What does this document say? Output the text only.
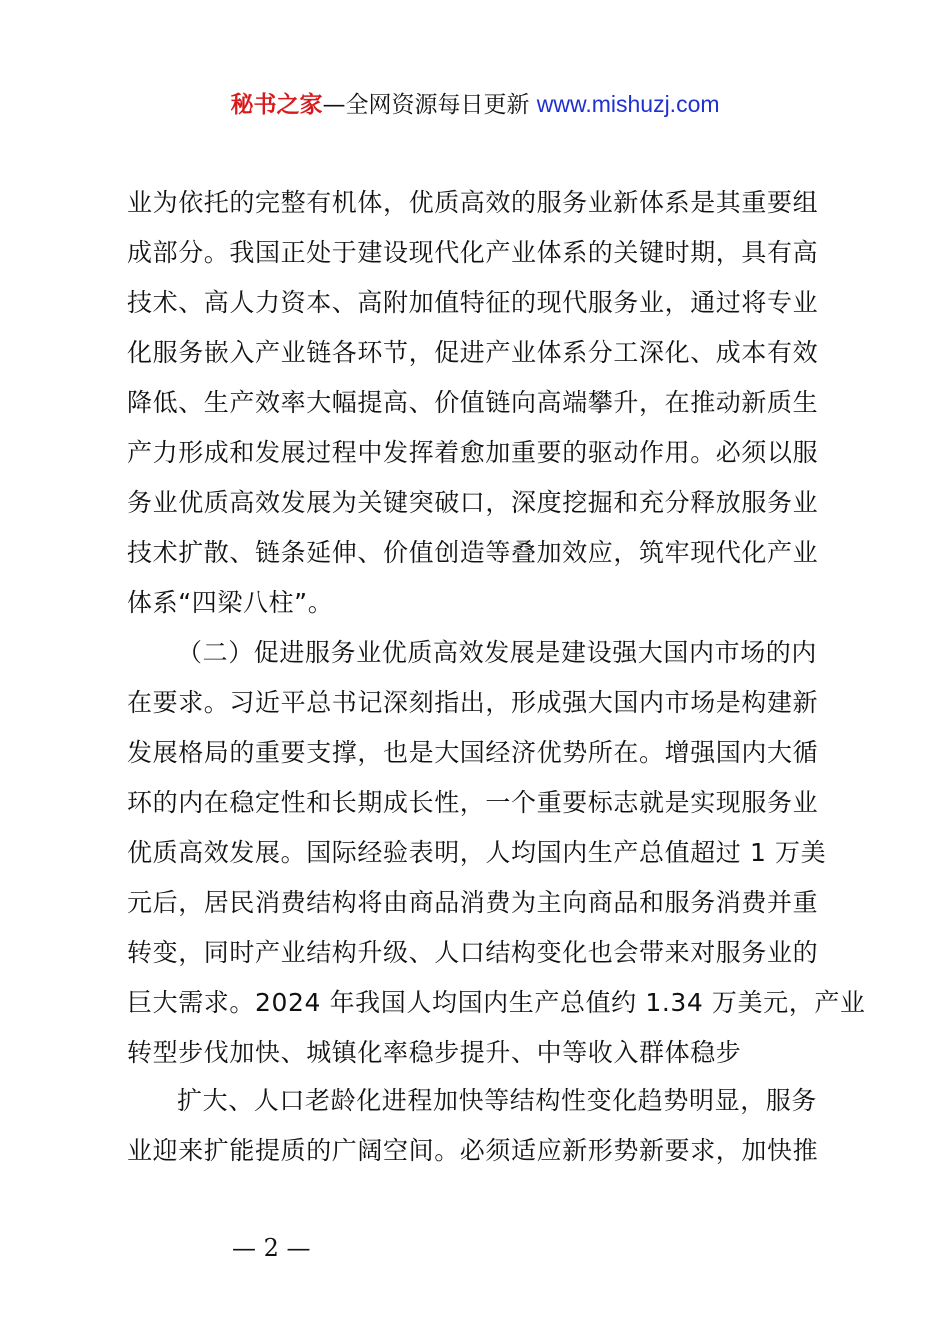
秘书之家—全网资源每日更新 www.mishuzj.com
业为依托的完整有机体，优质高效的服务业新体系是其重要组
成部分。我国正处于建设现代化产业体系的关键时期，具有高
技术、高人力资本、高附加值特征的现代服务业，通过将专业
化服务嵌入产业链各环节，促进产业体系分工深化、成本有效
降低、生产效率大幅提高、价值链向高端攀升，在推动新质生
产力形成和发展过程中发挥着愈加重要的驱动作用。必须以服
务业优质高效发展为关键突破口，深度挖掘和充分释放服务业
技术扩散、链条延伸、价值创造等叠加效应，筑牢现代化产业
体系“四梁八柱”。
（二）促进服务业优质高效发展是建设强大国内市场的内
在要求。习近平总书记深刻指出，形成强大国内市场是构建新
发展格局的重要支撑，也是大国经济优势所在。增强国内大循
环的内在稳定性和长期成长性，一个重要标志就是实现服务业
优质高效发展。国际经验表明，人均国内生产总值超过 1 万美
元后，居民消费结构将由商品消费为主向商品和服务消费并重
转变，同时产业结构升级、人口结构变化也会带来对服务业的
巨大需求。2024 年我国人均国内生产总值约 1.34 万美元，产业
转型步伐加快、城镇化率稳步提升、中等收入群体稳步
扩大、人口老龄化进程加快等结构性变化趋势明显，服务
业迎来扩能提质的广阔空间。必须适应新形势新要求，加快推
— 2 —
